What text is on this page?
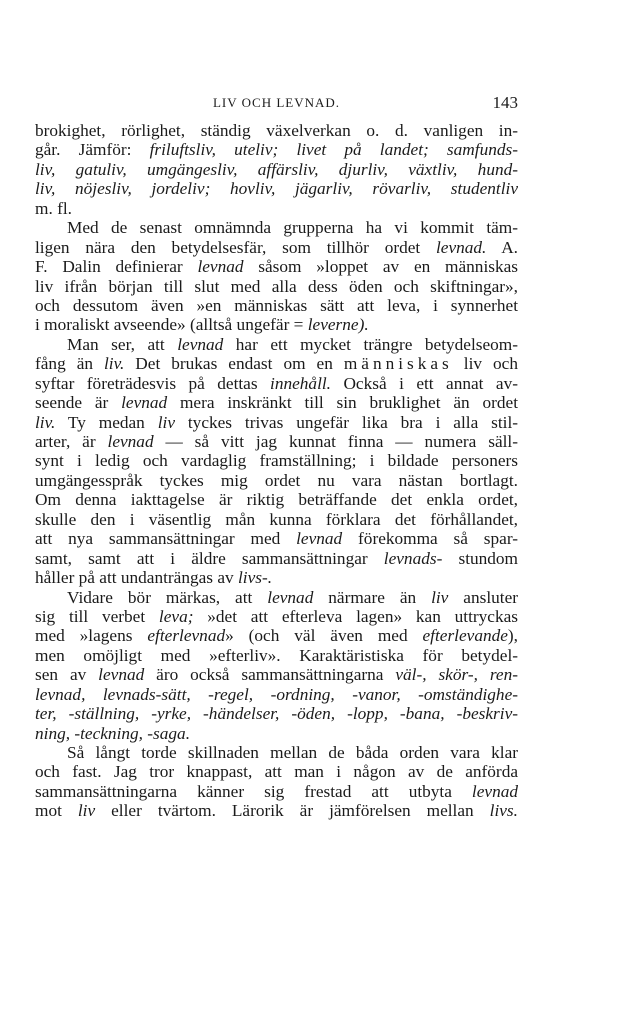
LIV OCH LEVNAD.	143
brokighet, rörlighet, ständig växelverkan o. d. vanligen in-
går. Jämför: friluftsliv, uteliv; livet på landet; samfunds-
liv, gatuliv, umgängesliv, affärsliv, djurliv, växtliv, hund-
liv, nöjesliv, jordeliv; hovliv, jägarliv, rövarliv, studentliv
m. fl.
Med de senast omnämnda grupperna ha vi kommit täm-
ligen nära den betydelsesfär, som tillhör ordet levnad. A.
F. Dalin definierar levnad såsom »loppet av en människas
liv ifrån början till slut med alla dess öden och skiftningar»,
och dessutom även »en människas sätt att leva, i synnerhet
i moraliskt avseende» (alltså ungefär = leverne).
Man ser, att levnad har ett mycket trängre betydelseom-
fång än liv. Det brukas endast om en människas liv och
syftar företrädesvis på dettas innehåll. Också i ett annat av-
seende är levnad mera inskränkt till sin bruklighet än ordet
liv. Ty medan liv tyckes trivas ungefär lika bra i alla stil-
arter, är levnad — så vitt jag kunnat finna — numera säll-
synt i ledig och vardaglig framställning; i bildade personers
umgängesspråk tyckes mig ordet nu vara nästan bortlagt.
Om denna iakttagelse är riktig beträffande det enkla ordet,
skulle den i väsentlig mån kunna förklara det förhållandet,
att nya sammansättningar med levnad förekomma så spar-
samt, samt att i äldre sammansättningar levnads- stundom
håller på att undanträngas av livs-.
Vidare bör märkas, att levnad närmare än liv ansluter
sig till verbet leva; »det att efterleva lagen» kan uttryckas
med »lagens efterlevnad» (och väl även med efterlevande),
men omöjligt med »efterliv». Karaktäristiska för betydel-
sen av levnad äro också sammansättningarna väl-, skör-, ren-
levnad, levnads-sätt, -regel, -ordning, -vanor, -omständighe-
ter, -ställning, -yrke, -händelser, -öden, -lopp, -bana, -beskriv-
ning, -teckning, -saga.
Så långt torde skillnaden mellan de båda orden vara klar
och fast. Jag tror knappast, att man i någon av de anförda
sammansättningarna känner sig frestad att utbyta levnad
mot liv eller tvärtom. Lärorik är jämförelsen mellan livs.
